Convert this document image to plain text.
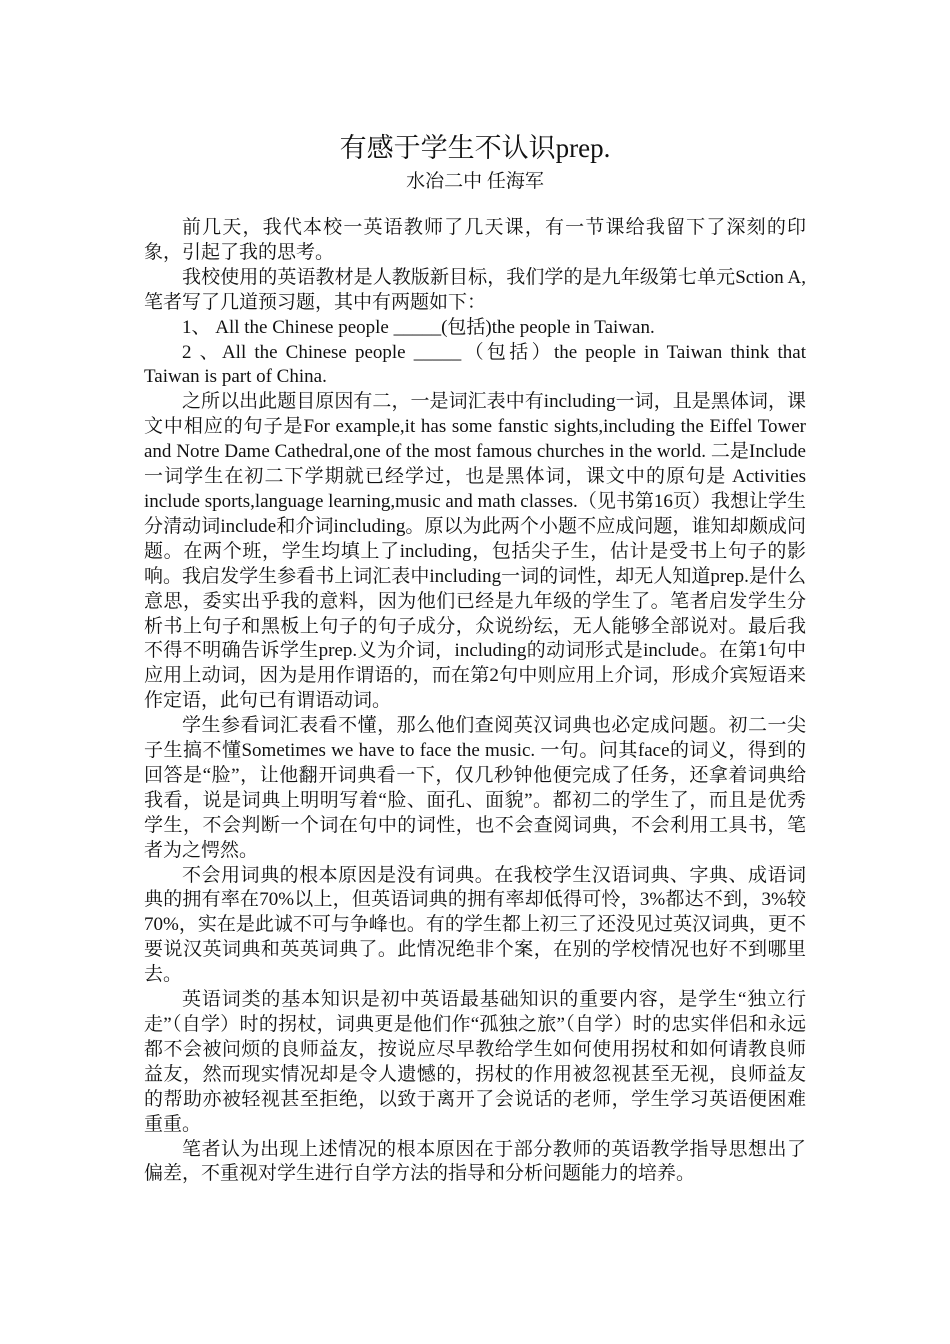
有感于学生不认识prep.
水冶二中 任海军

前几天，我代本校一英语教师了几天课，有一节课给我留下了深刻的印象，引起了我的思考。

我校使用的英语教材是人教版新目标，我们学的是九年级第七单元Sction A,笔者写了几道预习题，其中有两题如下：

1、 All the Chinese people _____(包括)the people in Taiwan.

2 、All the Chinese people _____（包括）the people in Taiwan think that Taiwan is part of China.

之所以出此题目原因有二，一是词汇表中有including一词，且是黑体词，课文中相应的句子是For example,it has some fanstic sights,including the Eiffel Tower and Notre Dame Cathedral,one of the most famous churches in the world. 二是Include一词学生在初二下学期就已经学过，也是黑体词，课文中的原句是 Activities include sports,language learning,music and math classes.（见书第16页）我想让学生分清动词include和介词including。原以为此两个小题不应成问题，谁知却颇成问题。在两个班，学生均填上了including，包括尖子生，估计是受书上句子的影响。我启发学生参看书上词汇表中including一词的词性，却无人知道prep.是什么意思，委实出乎我的意料，因为他们已经是九年级的学生了。笔者启发学生分析书上句子和黑板上句子的句子成分，众说纷纭，无人能够全部说对。最后我不得不明确告诉学生prep.义为介词，including的动词形式是include。在第1句中应用上动词，因为是用作谓语的，而在第2句中则应用上介词，形成介宾短语来作定语，此句已有谓语动词。

学生参看词汇表看不懂，那么他们查阅英汉词典也必定成问题。初二一尖子生搞不懂Sometimes we have to face the music. 一句。问其face的词义，得到的回答是“脸”，让他翻开词典看一下，仅几秒钟他便完成了任务，还拿着词典给我看，说是词典上明明写着“脸、面孔、面貌”。都初二的学生了，而且是优秀学生，不会判断一个词在句中的词性，也不会查阅词典，不会利用工具书，笔者为之愕然。

不会用词典的根本原因是没有词典。在我校学生汉语词典、字典、成语词典的拥有率在70%以上，但英语词典的拥有率却低得可怜，3%都达不到，3%较70%，实在是此诚不可与争峰也。有的学生都上初三了还没见过英汉词典，更不要说汉英词典和英英词典了。此情况绝非个案，在别的学校情况也好不到哪里去。

英语词类的基本知识是初中英语最基础知识的重要内容，是学生“独立行走”（自学）时的拐杖，词典更是他们作“孤独之旅”（自学）时的忠实伴侣和永远都不会被问烦的良师益友，按说应尽早教给学生如何使用拐杖和如何请教良师益友，然而现实情况却是令人遗憾的，拐杖的作用被忽视甚至无视，良师益友的帮助亦被轻视甚至拒绝，以致于离开了会说话的老师，学生学习英语便困难重重。

笔者认为出现上述情况的根本原因在于部分教师的英语教学指导思想出了偏差，不重视对学生进行自学方法的指导和分析问题能力的培养。
